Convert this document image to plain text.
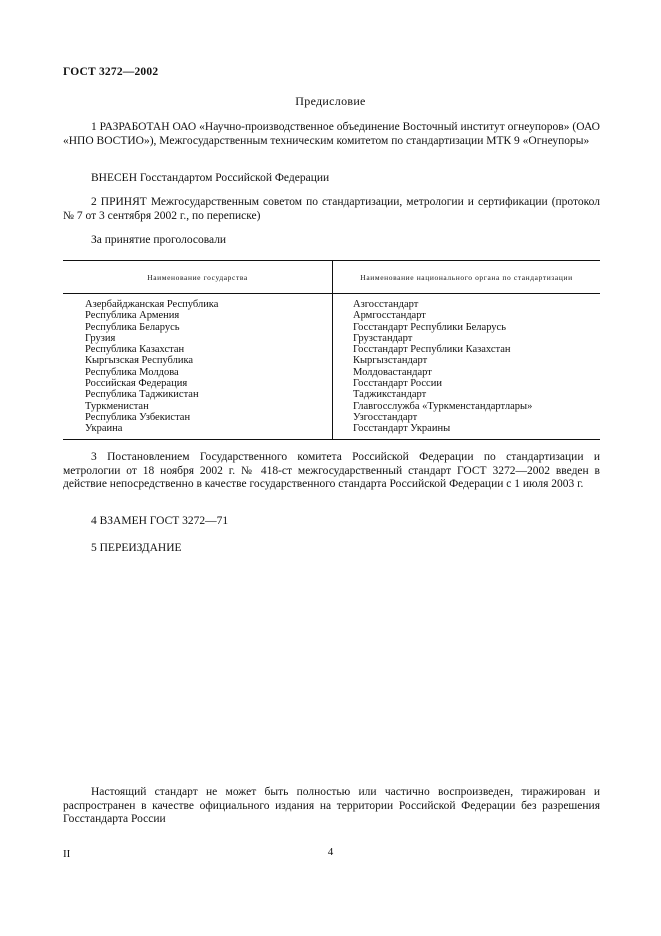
ГОСТ 3272—2002
Предисловие
1 РАЗРАБОТАН ОАО «Научно-производственное объединение Восточный институт огнеупоров» (ОАО «НПО ВОСТИО»), Межгосударственным техническим комитетом по стандартизации МТК 9 «Огнеупоры»
ВНЕСЕН Госстандартом Российской Федерации
2 ПРИНЯТ Межгосударственным советом по стандартизации, метрологии и сертификации (протокол № 7 от 3 сентября 2002 г., по переписке)
За принятие проголосовали
Наименование государства	Наименование национального органа по стандартизации
Азербайджанская Республика
Республика Армения
Республика Беларусь
Грузия
Республика Казахстан
Кыргызская Республика
Республика Молдова
Российская Федерация
Республика Таджикистан
Туркменистан
Республика Узбекистан
Украина
Азгосстандарт
Армгосстандарт
Госстандарт Республики Беларусь
Грузстандарт
Госстандарт Республики Казахстан
Кыргызстандарт
Молдовастандарт
Госстандарт России
Таджикстандарт
Главгосслужба «Туркменстандартлары»
Узгосстандарт
Госстандарт Украины
3 Постановлением Государственного комитета Российской Федерации по стандартизации и метрологии от 18 ноября 2002 г. № 418-ст межгосударственный стандарт ГОСТ 3272—2002 введен в действие непосредственно в качестве государственного стандарта Российской Федерации с 1 июля 2003 г.
4 ВЗАМЕН ГОСТ 3272—71
5 ПЕРЕИЗДАНИЕ
Настоящий стандарт не может быть полностью или частично воспроизведен, тиражирован и распространен в качестве официального издания на территории Российской Федерации без разрешения Госстандарта России
II	4
